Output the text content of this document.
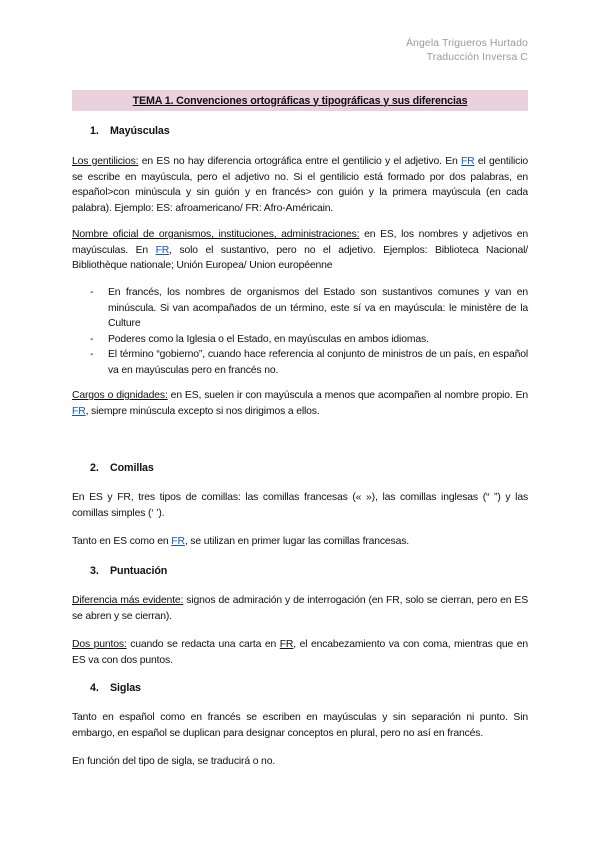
Ángela Trigueros Hurtado
Traducción Inversa C
TEMA 1. Convenciones ortográficas y tipográficas y sus diferencias
1. Mayúsculas

Los gentilicios: en ES no hay diferencia ortográfica entre el gentilicio y el adjetivo. En FR el gentilicio se escribe en mayúscula, pero el adjetivo no. Si el gentilicio está formado por dos palabras, en español>con minúscula y sin guión y en francés> con guión y la primera mayúscula (en cada palabra). Ejemplo: ES: afroamericano/ FR: Afro-Américain.

Nombre oficial de organismos, instituciones, administraciones: en ES, los nombres y adjetivos en mayúsculas. En FR, solo el sustantivo, pero no el adjetivo. Ejemplos: Biblioteca Nacional/ Bibliothèque nationale; Unión Europea/ Union européenne

- En francés, los nombres de organismos del Estado son sustantivos comunes y van en minúscula. Si van acompañados de un término, este sí va en mayúscula: le ministère de la Culture
- Poderes como la Iglesia o el Estado, en mayúsculas en ambos idiomas.
- El término “gobierno”, cuando hace referencia al conjunto de ministros de un país, en español va en mayúsculas pero en francés no.

Cargos o dignidades: en ES, suelen ir con mayúscula a menos que acompañen al nombre propio. En FR, siempre minúscula excepto si nos dirigimos a ellos.

2. Comillas

En ES y FR, tres tipos de comillas: las comillas francesas (« »), las comillas inglesas (“ ”) y las comillas simples (‘ ’).

Tanto en ES como en FR, se utilizan en primer lugar las comillas francesas.

3. Puntuación

Diferencia más evidente: signos de admiración y de interrogación (en FR, solo se cierran, pero en ES se abren y se cierran).

Dos puntos: cuando se redacta una carta en FR, el encabezamiento va con coma, mientras que en ES va con dos puntos.

4. Siglas

Tanto en español como en francés se escriben en mayúsculas y sin separación ni punto. Sin embargo, en español se duplican para designar conceptos en plural, pero no así en francés.

En función del tipo de sigla, se traducirá o no.
